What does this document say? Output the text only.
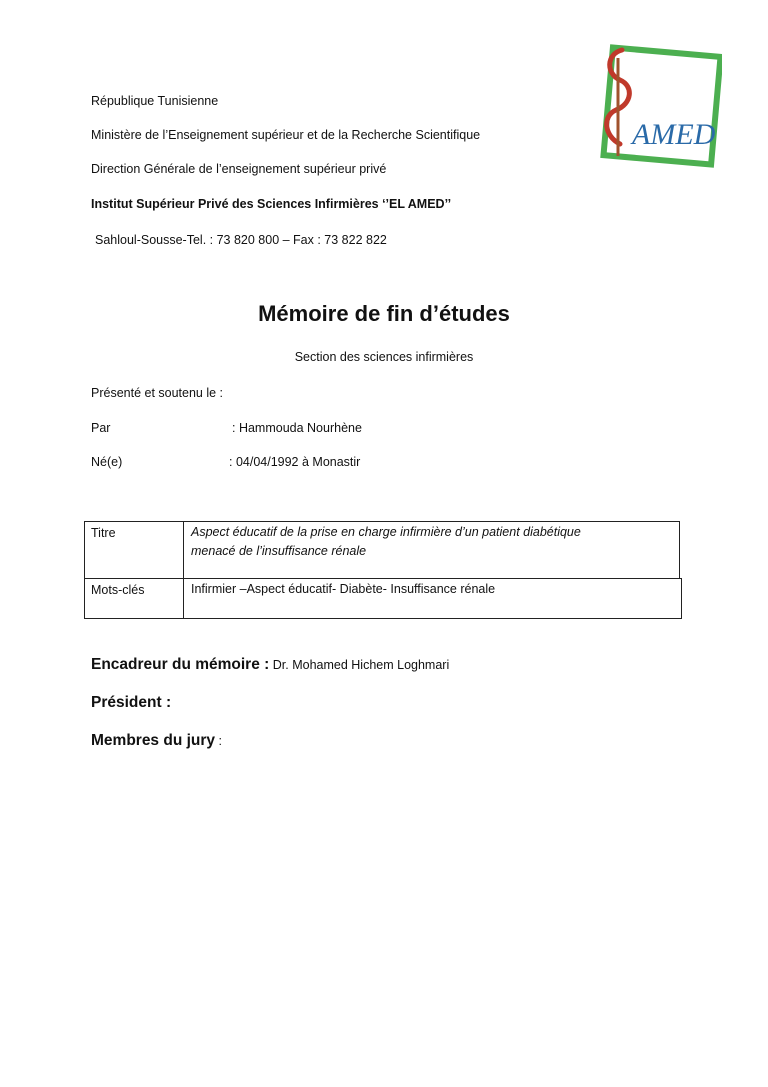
République Tunisienne
Ministère de l’Enseignement supérieur et de la Recherche Scientifique
Direction Générale de l’enseignement supérieur privé
Institut Supérieur Privé des Sciences Infirmières ‘’EL AMED’’
Sahloul-Sousse-Tel. : 73 820 800 – Fax : 73 822 822
AMED
Mémoire de fin d’études
Section des sciences infirmières
Présenté et soutenu le :
Par	: Hammouda Nourhène
Né(e)	: 04/04/1992 à Monastir
Titre	Aspect éducatif de la prise en charge infirmière d’un patient diabétique
menacé de l’insuffisance rénale
Mots-clés	Infirmier –Aspect éducatif- Diabète- Insuffisance rénale
Encadreur du mémoire : Dr. Mohamed Hichem Loghmari
Président :
Membres du jury :
